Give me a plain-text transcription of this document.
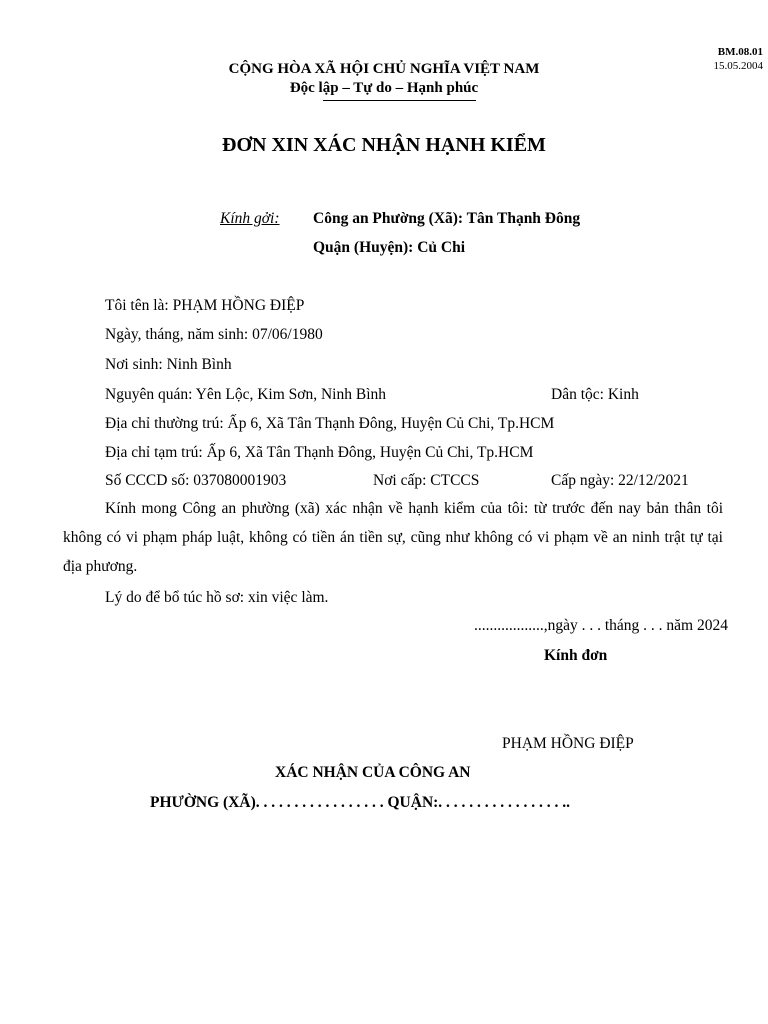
BM.08.01
15.05.2004
CỘNG HÒA XÃ HỘI CHỦ NGHĨA VIỆT NAM
Độc lập – Tự do – Hạnh phúc
ĐƠN XIN XÁC NHẬN HẠNH KIỂM
Kính gởi: Công an Phường (Xã): Tân Thạnh Đông
Quận (Huyện): Củ Chi
Tôi tên là: PHẠM HỒNG ĐIỆP
Ngày, tháng, năm sinh: 07/06/1980
Nơi sinh: Ninh Bình
Nguyên quán: Yên Lộc, Kim Sơn, Ninh Bình	Dân tộc: Kinh
Địa chỉ thường trú: Ấp 6, Xã Tân Thạnh Đông, Huyện Củ Chi, Tp.HCM
Địa chỉ tạm trú: Ấp 6, Xã Tân Thạnh Đông, Huyện Củ Chi, Tp.HCM
Số CCCD số: 037080001903	Nơi cấp: CTCCS	Cấp ngày: 22/12/2021
Kính mong Công an phường (xã) xác nhận về hạnh kiểm của tôi: từ trước đến nay bản thân tôi không có vi phạm pháp luật, không có tiền án tiền sự, cũng như không có vi phạm về an ninh trật tự tại địa phương.
Lý do để bổ túc hồ sơ: xin việc làm.
..................,ngày . . . tháng . . . năm 2024
Kính đơn
PHẠM HỒNG ĐIỆP
XÁC NHẬN CỦA CÔNG AN
PHƯỜNG (XÃ). . . . . . . . . . . . . . . . . QUẬN:. . . . . . . . . . . . . . . . ..
